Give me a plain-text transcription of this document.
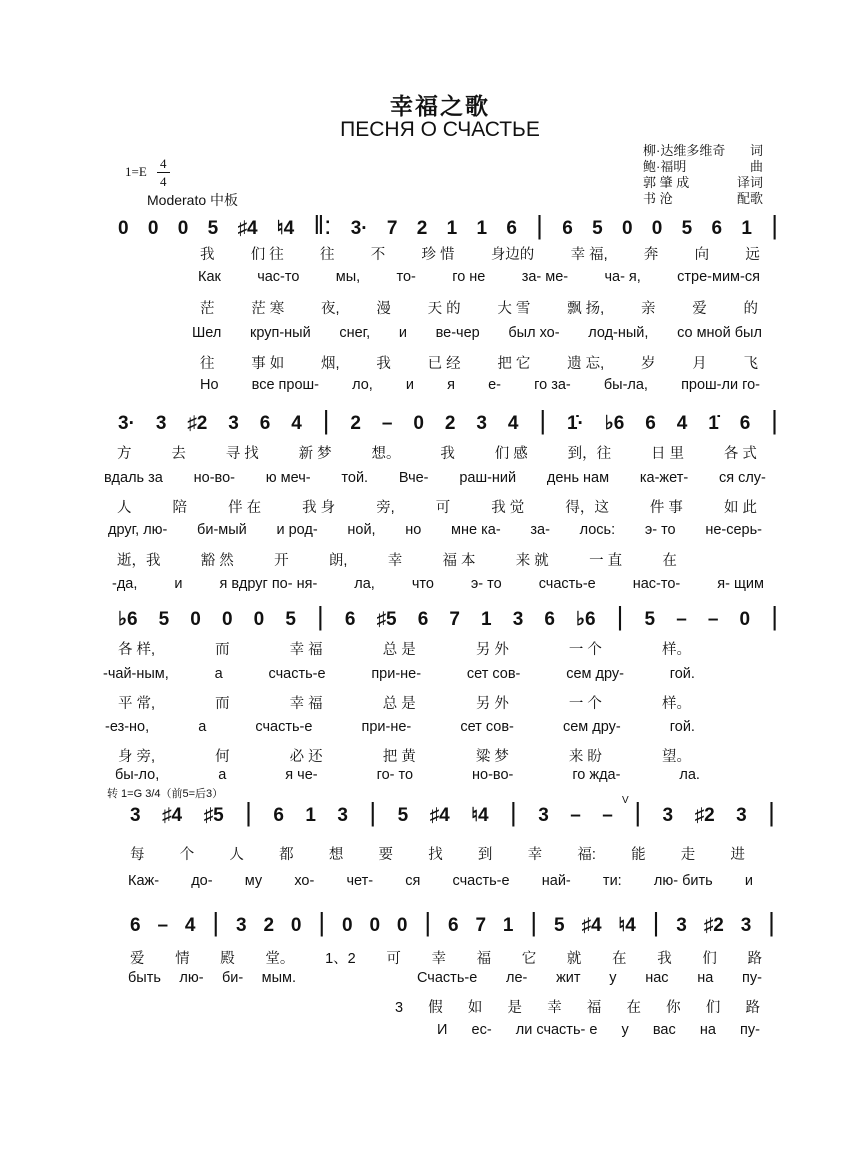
幸福之歌
ПЕСНЯ О СЧАСТЬЕ
柳·达维多维奇 词
鲍·福明	曲
郭 肇 成	译词
书 沧	配歌
1=E
4
4
Moderato 中板
转 1=G 3/4（前5=后3）
V
0 0 0 5 ♯4 ♮4 ‖: 3· 7 2 1 1 6 | 6 5 0 0 5 6 1 |
我	们 往	往	不	珍 惜	身边的	幸 福,	奔	向	远
Как	час-то	мы,	то-	го не	за- ме-	ча- я,	стре-мим-ся
茫	茫 寒	夜,	漫	天 的	大 雪	飘 扬,	亲	爱	的
Шел круп-ный снег, и ве-чер был хо- лод-ный, со мной был
往	事 如	烟,	我	已 经	把 它	遗 忘,	岁	月	飞
Но все прош- ло, и я е- го за- бы-ла, прош-ли го-
3· 3 ♯2 3 6 4 | 2 – 0 2 3 4 | 1̇· ♭6 6 4 1̇ 6 |
方	去	寻 找	新 梦	想。	我	们 感	到，往	日 里	各 式
вдаль за но-во- ю меч- той. Вче- раш-ний день нам ка-жет- ся слу-
人	陪	伴 在	我 身	旁,	可	我 觉	得，这	件 事	如 此
друг, лю- би-мый и род- ной, но мне ка- за- лось: э- то не-серь-
逝，我	豁 然	开	朗,	幸	福 本	来 就	一 直	在
-да,	и	я вдруг по- ня-	ла,	что	э- то	счасть-е	нас-то-	я- щим
♭6 5 0 0 0 5 | 6 ♯5 6 7 1 3 6 ♭6 | 5 – – 0 |
各 样,	而	幸 福	总 是	另 外	一 个	样。
-чай-ным,	а	счасть-е	при-не-	сет сов-	сем дру-	гой.
平 常,	而	幸 福	总 是	另 外	一 个	样。
-ез-но,	а	счасть-е	при-не-	сет сов-	сем дру-	гой.
身 旁,	何	必 还	把 黄	粱 梦	来 盼	望。
бы-ло,	а	я че-	го- то	но-во-	го жда-	ла.
3 ♯4 ♯5 | 6 1 3 | 5 ♯4 ♮4 | 3 – – | 3 ♯2 3 |
每 个 人 都 想 要 找 到 幸 福: 能 走 进
Каж- до- му хо- чет- ся счасть-е най- ти: лю- бить и
6 – 4 | 3 2 0 | 0 0 0 | 6 7 1 | 5 ♯4 ♮4 | 3 ♯2 3 |
爱 情 殿 堂。 1、2 可 幸 福 它 就 在 我 们 路
быть лю- би- мым.	Счасть-е ле- жит у нас на пу-
3 假 如 是 幸 福 在 你 们 路
И ес- ли счасть- е у вас на пу-
